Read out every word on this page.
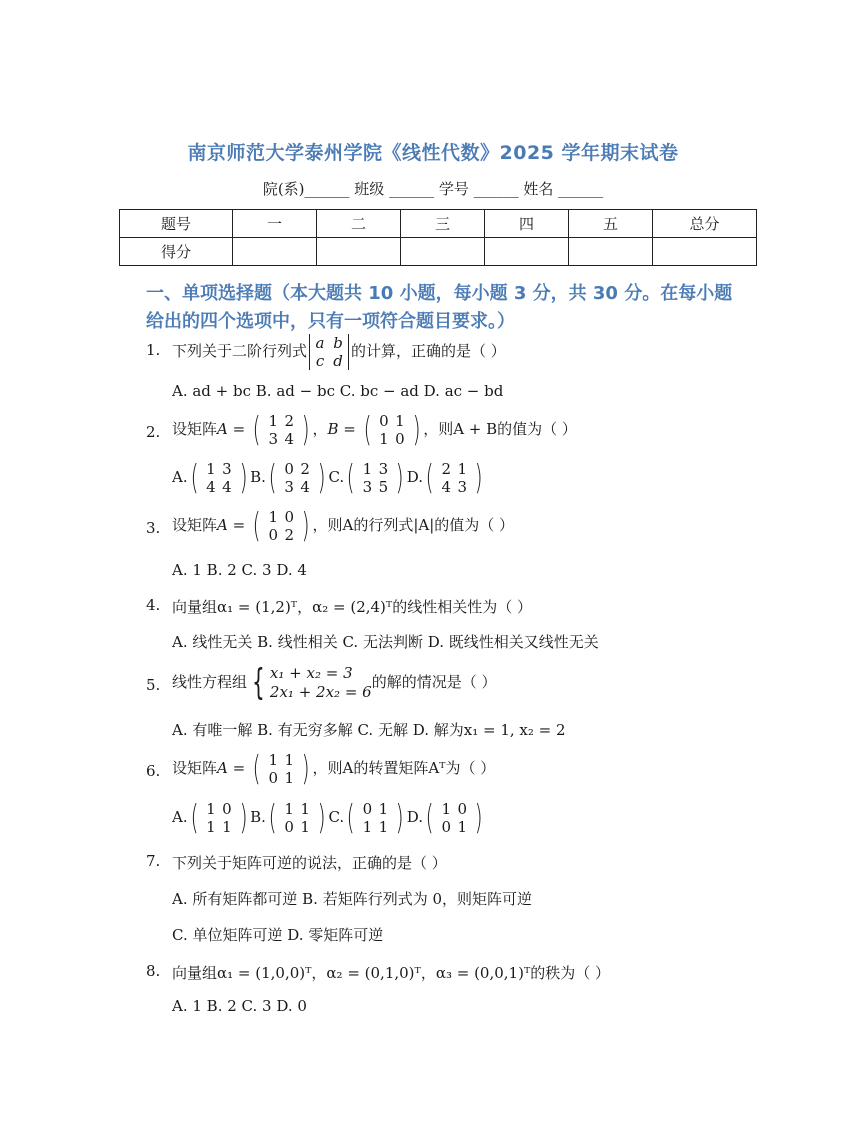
南京师范大学泰州学院《线性代数》2025 学年期末试卷
院(系)______ 班级 ______ 学号 ______ 姓名 ______
题号	一	二	三	四	五	总分
得分						
一、单项选择题（本大题共 10 小题，每小题 3 分，共 30 分。在每小题给出的四个选项中，只有一项符合题目要求。）
1. 下列关于二阶行列式 a b
c d
的计算，正确的是（ ）
A. ad + bc B. ad − bc C. bc − ad D. ac − bd
2. 设矩阵A = ( 1 2
3 4 ) ，B = ( 0 1
1 0 ) ，则A + B的值为（ ）
A.( 1 3
4 4 ) B.( 0 2
3 4 ) C.( 1 3
3 5 ) D.( 2 1
4 3 )
3. 设矩阵A = ( 1 0
0 2 ) ，则A的行列式|A|的值为（ ）
A. 1 B. 2 C. 3 D. 4
4. 向量组α₁ = (1,2)ᵀ，α₂ = (2,4)ᵀ的线性相关性为（ ）
A. 线性无关 B. 线性相关 C. 无法判断 D. 既线性相关又线性无关
5. 线性方程组 { x₁ + x₂ = 3
2x₁ + 2x₂ = 6
的解的情况是（ ）
A. 有唯一解 B. 有无穷多解 C. 无解 D. 解为x₁ = 1, x₂ = 2
6. 设矩阵A = ( 1 1
0 1 ) ，则A的转置矩阵Aᵀ为（ ）
A.( 1 0
1 1 ) B.( 1 1
0 1 ) C.( 0 1
1 1 ) D.( 1 0
0 1 )
7. 下列关于矩阵可逆的说法，正确的是（ ）
A. 所有矩阵都可逆 B. 若矩阵行列式为 0，则矩阵可逆
C. 单位矩阵可逆 D. 零矩阵可逆
8. 向量组α₁ = (1,0,0)ᵀ，α₂ = (0,1,0)ᵀ，α₃ = (0,0,1)ᵀ的秩为（ ）
A. 1 B. 2 C. 3 D. 0
